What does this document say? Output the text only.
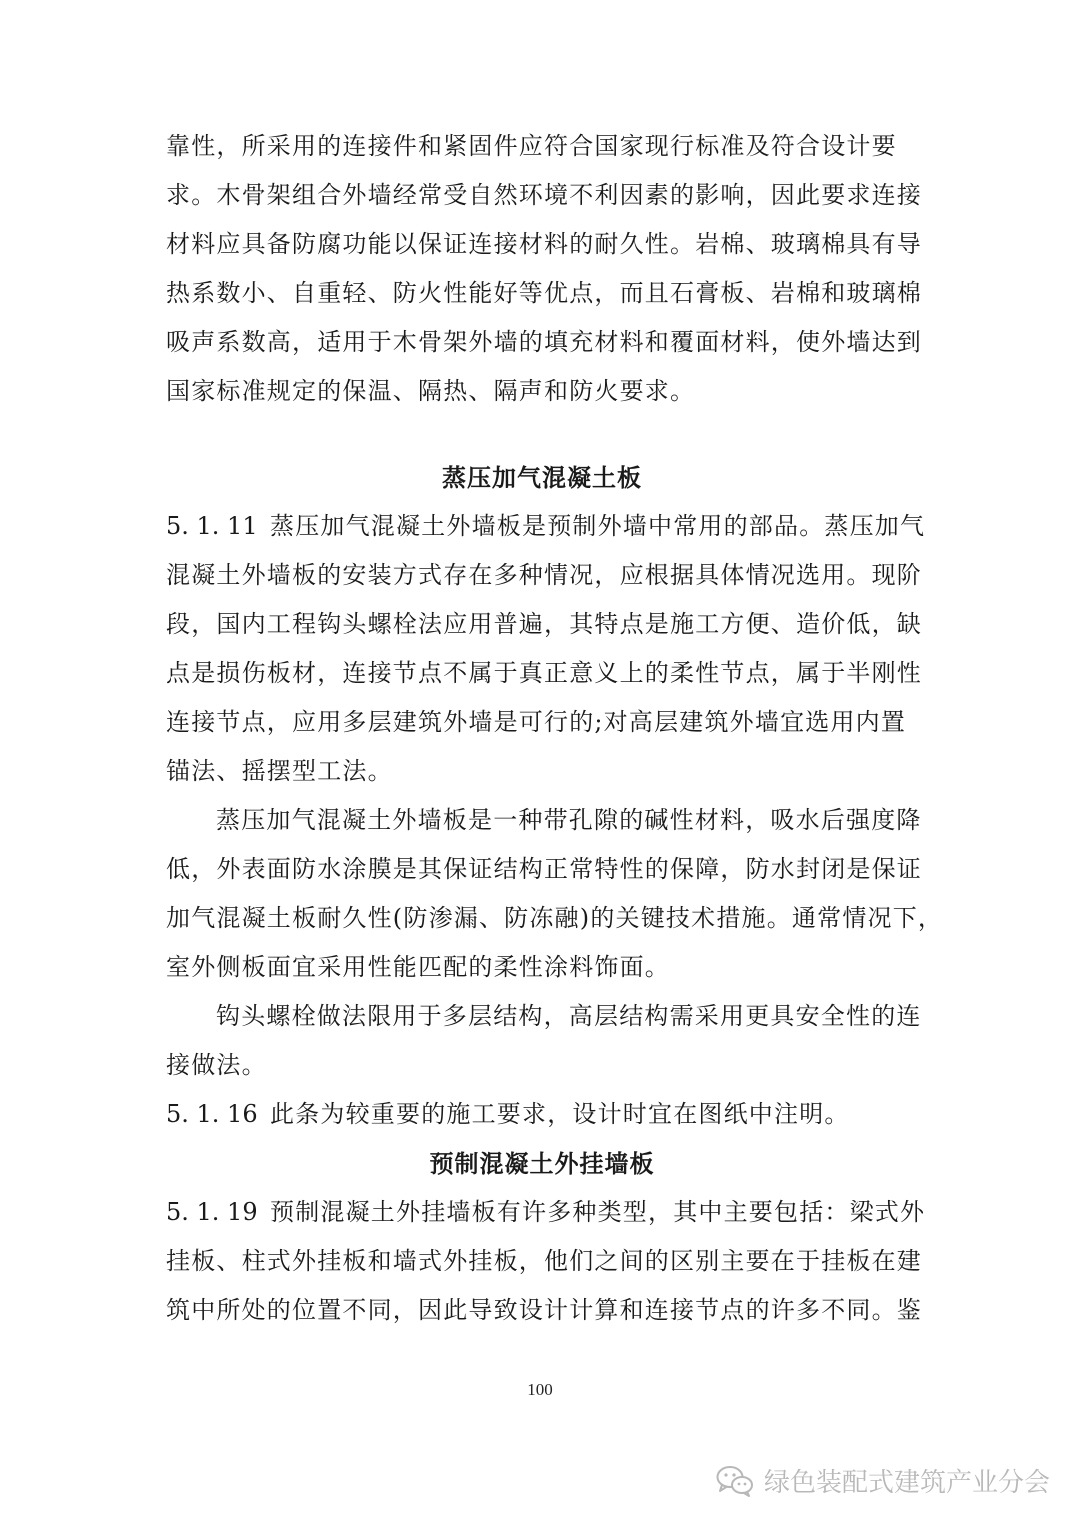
靠性，所采用的连接件和紧固件应符合国家现行标准及符合设计要
求。木骨架组合外墙经常受自然环境不利因素的影响，因此要求连接
材料应具备防腐功能以保证连接材料的耐久性。岩棉、玻璃棉具有导
热系数小、自重轻、防火性能好等优点，而且石膏板、岩棉和玻璃棉
吸声系数高，适用于木骨架外墙的填充材料和覆面材料，使外墙达到
国家标准规定的保温、隔热、隔声和防火要求。
蒸压加气混凝土板
5. 1. 11 蒸压加气混凝土外墙板是预制外墙中常用的部品。蒸压加气
混凝土外墙板的安装方式存在多种情况，应根据具体情况选用。现阶
段，国内工程钩头螺栓法应用普遍，其特点是施工方便、造价低，缺
点是损伤板材，连接节点不属于真正意义上的柔性节点，属于半刚性
连接节点，应用多层建筑外墙是可行的;对高层建筑外墙宜选用内置
锚法、摇摆型工法。
蒸压加气混凝土外墙板是一种带孔隙的碱性材料，吸水后强度降
低，外表面防水涂膜是其保证结构正常特性的保障，防水封闭是保证
加气混凝土板耐久性(防渗漏、防冻融)的关键技术措施。通常情况下，
室外侧板面宜采用性能匹配的柔性涂料饰面。
钩头螺栓做法限用于多层结构，高层结构需采用更具安全性的连
接做法。
5. 1. 16 此条为较重要的施工要求，设计时宜在图纸中注明。
预制混凝土外挂墙板
5. 1. 19 预制混凝土外挂墙板有许多种类型，其中主要包括：梁式外
挂板、柱式外挂板和墙式外挂板，他们之间的区别主要在于挂板在建
筑中所处的位置不同，因此导致设计计算和连接节点的许多不同。鉴
100
绿色装配式建筑产业分会
